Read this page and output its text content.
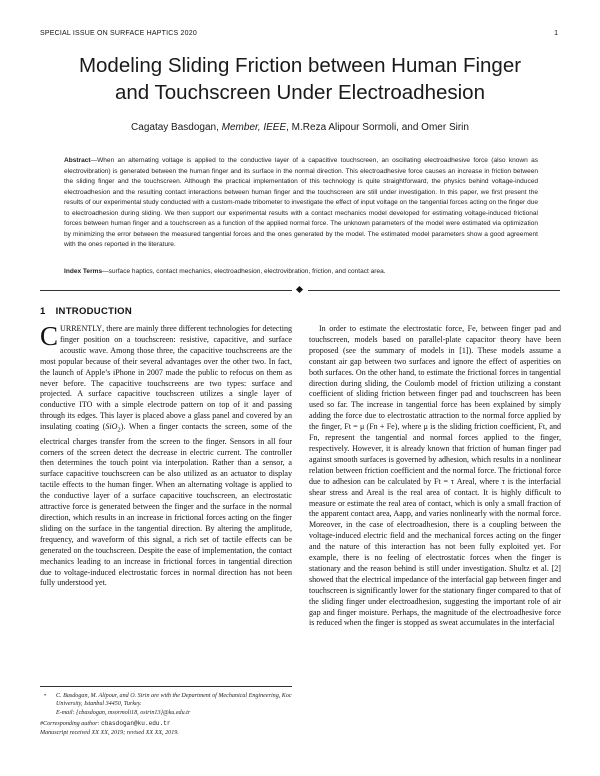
SPECIAL ISSUE ON SURFACE HAPTICS 2020	1
Modeling Sliding Friction between Human Finger
and Touchscreen Under Electroadhesion
Cagatay Basdogan, Member, IEEE, M.Reza Alipour Sormoli, and Omer Sirin
Abstract—When an alternating voltage is applied to the conductive layer of a capacitive touchscreen, an oscillating electroadhesive force (also known as electrovibration) is generated between the human finger and its surface in the normal direction. This electroadhesive force causes an increase in friction between the sliding finger and the touchscreen. Although the practical implementation of this technology is quite straightforward, the physics behind voltage-induced electroadhesion and the resulting contact interactions between human finger and the touchscreen are still under investigation. In this paper, we first present the results of our experimental study conducted with a custom-made tribometer to investigate the effect of input voltage on the tangential forces acting on the finger due to electroadhesion during sliding. We then support our experimental results with a contact mechanics model developed for estimating voltage-induced frictional forces between human finger and a touchscreen as a function of the applied normal force. The unknown parameters of the model were estimated via optimization by minimizing the error between the measured tangential forces and the ones generated by the model. The estimated model parameters show a good agreement with the ones reported in the literature.
Index Terms—surface haptics, contact mechanics, electroadhesion, electrovibration, friction, and contact area.
1 INTRODUCTION

CURRENTLY, there are mainly three different technologies for detecting finger position on a touchscreen: resistive, capacitive, and surface acoustic wave. Among those three, the capacitive touchscreens are the most popular because of their several advantages over the other two. In fact, the launch of Apple’s iPhone in 2007 made the public to refocus on them as never before. The capacitive touchscreens are two types: surface and projected. A surface capacitive touchscreen utilizes a single layer of conductive ITO with a simple electrode pattern on top of it and passing through its edges. This layer is placed above a glass panel and covered by an insulating coating (SiO$_2$). When a finger contacts the screen, some of the electrical charges transfer from the screen to the finger. Sensors in all four corners of the screen detect the decrease in electric current. The controller then determines the touch point via interpolation. Rather than a sensor, a surface capacitive touchscreen can be also utilized as an actuator to display tactile effects to the human finger. When an alternating voltage is applied to the conductive layer of a surface capacitive touchscreen, an electrostatic attractive force is generated between the finger and the surface in the normal direction, which results in an increase in frictional forces acting on the finger sliding on the surface in the tangential direction. By altering the amplitude, frequency, and waveform of this signal, a rich set of tactile effects can be generated on the touchscreen. Despite the ease of implementation, the contact mechanics leading to an increase in frictional forces in tangential direction due to voltage-induced electrostatic forces in normal direction has not been fully understood yet.

In order to estimate the electrostatic force, Fe, between finger pad and touchscreen, models based on parallel-plate capacitor theory have been proposed (see the summary of models in [1]). These models assume a constant air gap between two surfaces and ignore the effect of asperities on both surfaces. On the other hand, to estimate the frictional forces in tangential direction during sliding, the Coulomb model of friction utilizing a constant coefficient of sliding friction between finger pad and touchscreen has been used so far. The increase in tangential force has been explained by simply adding the force due to electrostatic attraction to the normal force applied by the finger, Ft = μ (Fn + Fe), where μ is the sliding friction coefficient, Ft, and Fn, represent the tangential and normal forces applied to the finger, respectively. However, it is already known that friction of human finger pad against smooth surfaces is governed by adhesion, which results in a nonlinear relation between friction coefficient and the normal force. The frictional force due to adhesion can be calculated by Ft = τ Areal, where τ is the interfacial shear stress and Areal is the real area of contact. It is highly difficult to measure or estimate the real area of contact, which is only a small fraction of the apparent contact area, Aapp, and varies nonlinearly with the normal force. Moreover, in the case of electroadhesion, there is a coupling between the voltage-induced electric field and the mechanical forces acting on the finger and the nature of this interaction has not been fully exploited yet. For example, there is no feeling of electrostatic forces when the finger is stationary and the reason behind is still under investigation. Shultz et al. [2] showed that the electrical impedance of the interfacial gap between finger and touchscreen is significantly lower for the stationary finger compared to that of the sliding finger under electroadhesion, suggesting the important role of air gap and finger moisture. Perhaps, the magnitude of the electroadhesive force is reduced when the finger is stopped as sweat accumulates in the interfacial

• C. Basdogan, M. Alipour, and O. Sirin are with the Department of Mechanical Engineering, Koc University, Istanbul 34450, Turkey.
E-mail: {cbasdogan, msormoli18, osirin13}@ku.edu.tr
#Corresponding author: cbasdogan@ku.edu.tr
Manuscript received XX XX, 2019; revised XX XX, 2019.
